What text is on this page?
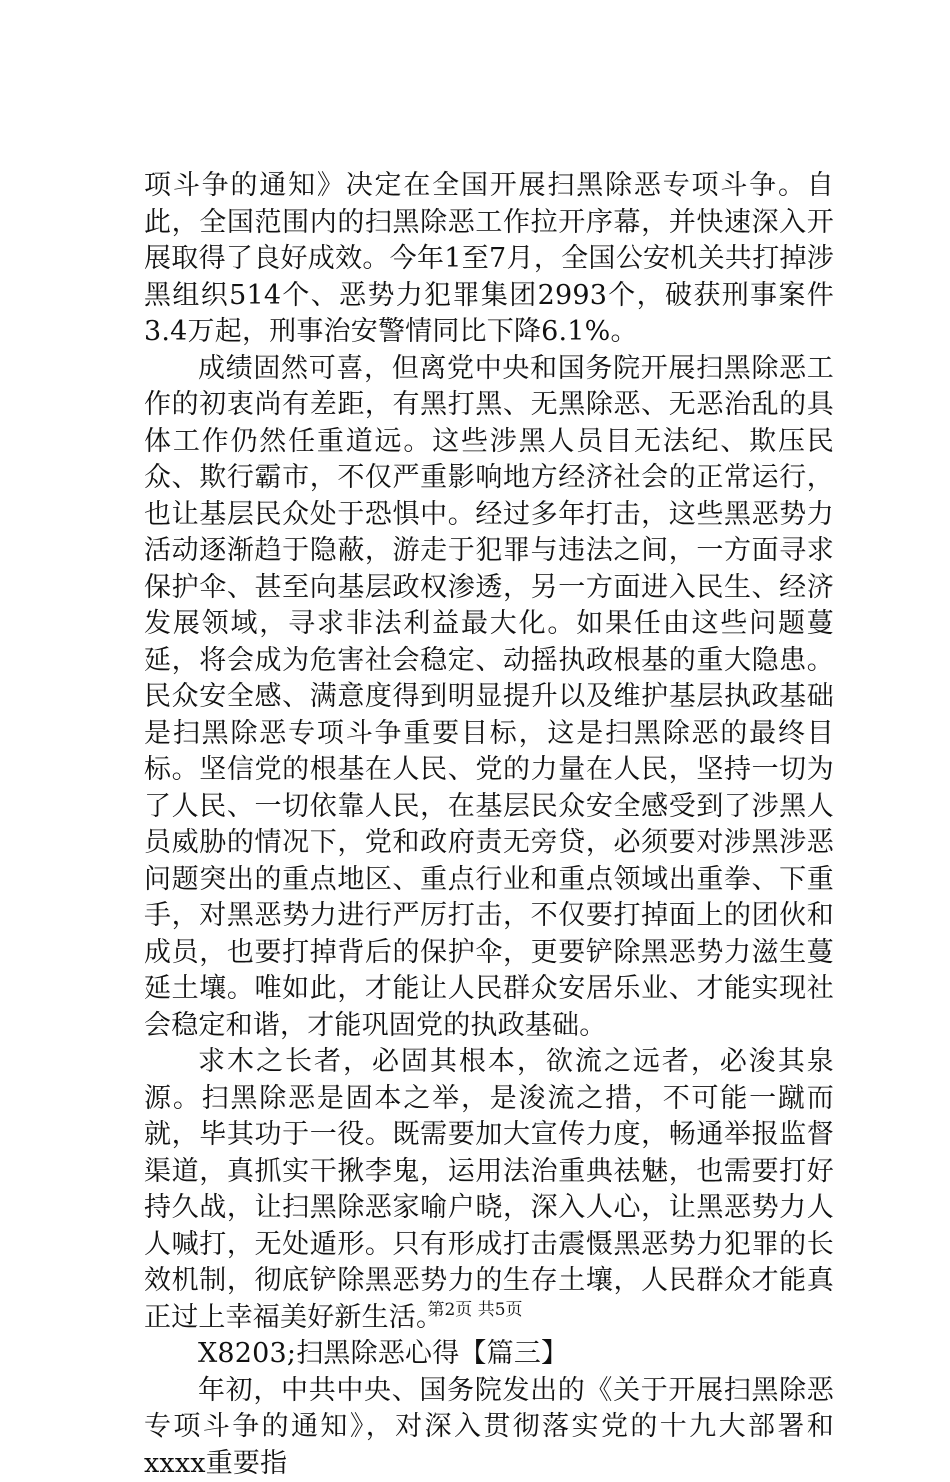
项斗争的通知》决定在全国开展扫黑除恶专项斗争。自此，全国范围内的扫黑除恶工作拉开序幕，并快速深入开展取得了良好成效。今年1至7月，全国公安机关共打掉涉黑组织514个、恶势力犯罪集团2993个，破获刑事案件3.4万起，刑事治安警情同比下降6.1%。

成绩固然可喜，但离党中央和国务院开展扫黑除恶工作的初衷尚有差距，有黑打黑、无黑除恶、无恶治乱的具体工作仍然任重道远。这些涉黑人员目无法纪、欺压民众、欺行霸市，不仅严重影响地方经济社会的正常运行，也让基层民众处于恐惧中。经过多年打击，这些黑恶势力活动逐渐趋于隐蔽，游走于犯罪与违法之间，一方面寻求保护伞、甚至向基层政权渗透，另一方面进入民生、经济发展领域，寻求非法利益最大化。如果任由这些问题蔓延，将会成为危害社会稳定、动摇执政根基的重大隐患。民众安全感、满意度得到明显提升以及维护基层执政基础是扫黑除恶专项斗争重要目标，这是扫黑除恶的最终目标。坚信党的根基在人民、党的力量在人民，坚持一切为了人民、一切依靠人民，在基层民众安全感受到了涉黑人员威胁的情况下，党和政府责无旁贷，必须要对涉黑涉恶问题突出的重点地区、重点行业和重点领域出重拳、下重手，对黑恶势力进行严厉打击，不仅要打掉面上的团伙和成员，也要打掉背后的保护伞，更要铲除黑恶势力滋生蔓延土壤。唯如此，才能让人民群众安居乐业、才能实现社会稳定和谐，才能巩固党的执政基础。

求木之长者，必固其根本，欲流之远者，必浚其泉源。扫黑除恶是固本之举，是浚流之措，不可能一蹴而就，毕其功于一役。既需要加大宣传力度，畅通举报监督渠道，真抓实干揪李鬼，运用法治重典祛魅，也需要打好持久战，让扫黑除恶家喻户晓，深入人心，让黑恶势力人人喊打，无处遁形。只有形成打击震慑黑恶势力犯罪的长效机制，彻底铲除黑恶势力的生存土壤，人民群众才能真正过上幸福美好新生活。

X8203;扫黑除恶心得【篇三】

年初，中共中央、国务院发出的《关于开展扫黑除恶专项斗争的通知》，对深入贯彻落实党的十九大部署和xxxx重要指

第2页 共5页
